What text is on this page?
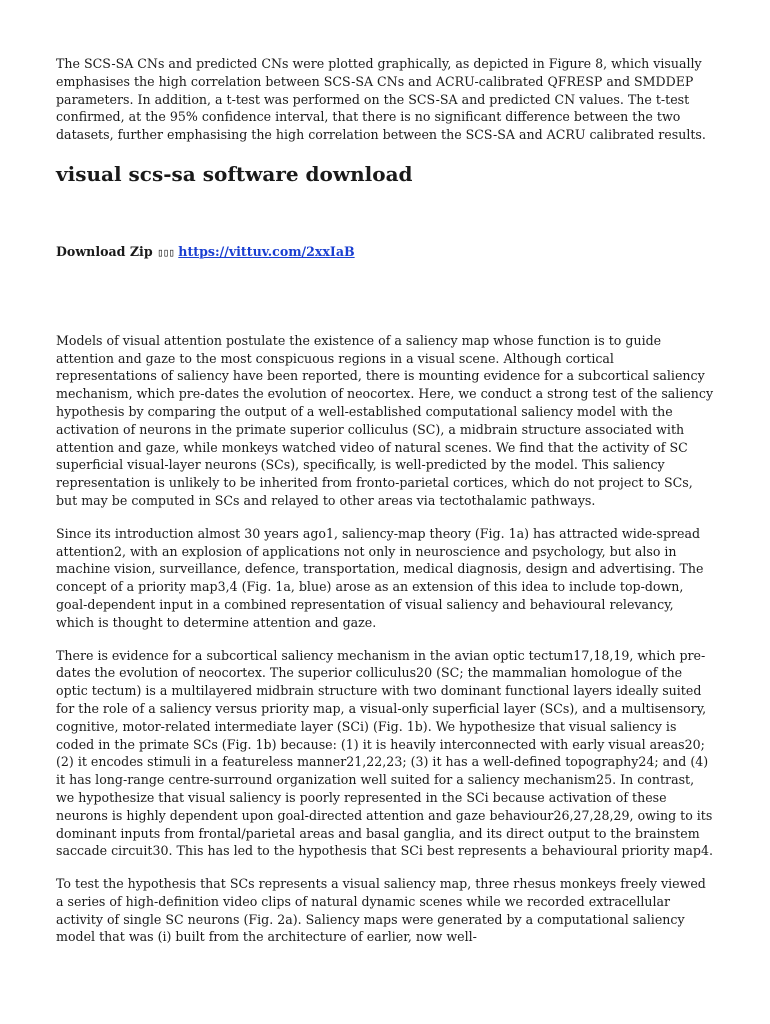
The SCS-SA CNs and predicted CNs were plotted graphically, as depicted in Figure 8, which visually emphasises the high correlation between SCS-SA CNs and ACRU-calibrated QFRESP and SMDDEP parameters. In addition, a t-test was performed on the SCS-SA and predicted CN values. The t-test confirmed, at the 95% confidence interval, that there is no significant difference between the two datasets, further emphasising the high correlation between the SCS-SA and ACRU calibrated results.

visual scs-sa software download
Download Zip ▯▯▯ https://vittuv.com/2xxIaB

Models of visual attention postulate the existence of a saliency map whose function is to guide attention and gaze to the most conspicuous regions in a visual scene. Although cortical representations of saliency have been reported, there is mounting evidence for a subcortical saliency mechanism, which pre-dates the evolution of neocortex. Here, we conduct a strong test of the saliency hypothesis by comparing the output of a well-established computational saliency model with the activation of neurons in the primate superior colliculus (SC), a midbrain structure associated with attention and gaze, while monkeys watched video of natural scenes. We find that the activity of SC superficial visual-layer neurons (SCs), specifically, is well-predicted by the model. This saliency representation is unlikely to be inherited from fronto-parietal cortices, which do not project to SCs, but may be computed in SCs and relayed to other areas via tectothalamic pathways.

Since its introduction almost 30 years ago1, saliency-map theory (Fig. 1a) has attracted wide-spread attention2, with an explosion of applications not only in neuroscience and psychology, but also in machine vision, surveillance, defence, transportation, medical diagnosis, design and advertising. The concept of a priority map3,4 (Fig. 1a, blue) arose as an extension of this idea to include top-down, goal-dependent input in a combined representation of visual saliency and behavioural relevancy, which is thought to determine attention and gaze.

There is evidence for a subcortical saliency mechanism in the avian optic tectum17,18,19, which pre-dates the evolution of neocortex. The superior colliculus20 (SC; the mammalian homologue of the optic tectum) is a multilayered midbrain structure with two dominant functional layers ideally suited for the role of a saliency versus priority map, a visual-only superficial layer (SCs), and a multisensory, cognitive, motor-related intermediate layer (SCi) (Fig. 1b). We hypothesize that visual saliency is coded in the primate SCs (Fig. 1b) because: (1) it is heavily interconnected with early visual areas20; (2) it encodes stimuli in a featureless manner21,22,23; (3) it has a well-defined topography24; and (4) it has long-range centre-surround organization well suited for a saliency mechanism25. In contrast, we hypothesize that visual saliency is poorly represented in the SCi because activation of these neurons is highly dependent upon goal-directed attention and gaze behaviour26,27,28,29, owing to its dominant inputs from frontal/parietal areas and basal ganglia, and its direct output to the brainstem saccade circuit30. This has led to the hypothesis that SCi best represents a behavioural priority map4.

To test the hypothesis that SCs represents a visual saliency map, three rhesus monkeys freely viewed a series of high-definition video clips of natural dynamic scenes while we recorded extracellular activity of single SC neurons (Fig. 2a). Saliency maps were generated by a computational saliency model that was (i) built from the architecture of earlier, now well-
